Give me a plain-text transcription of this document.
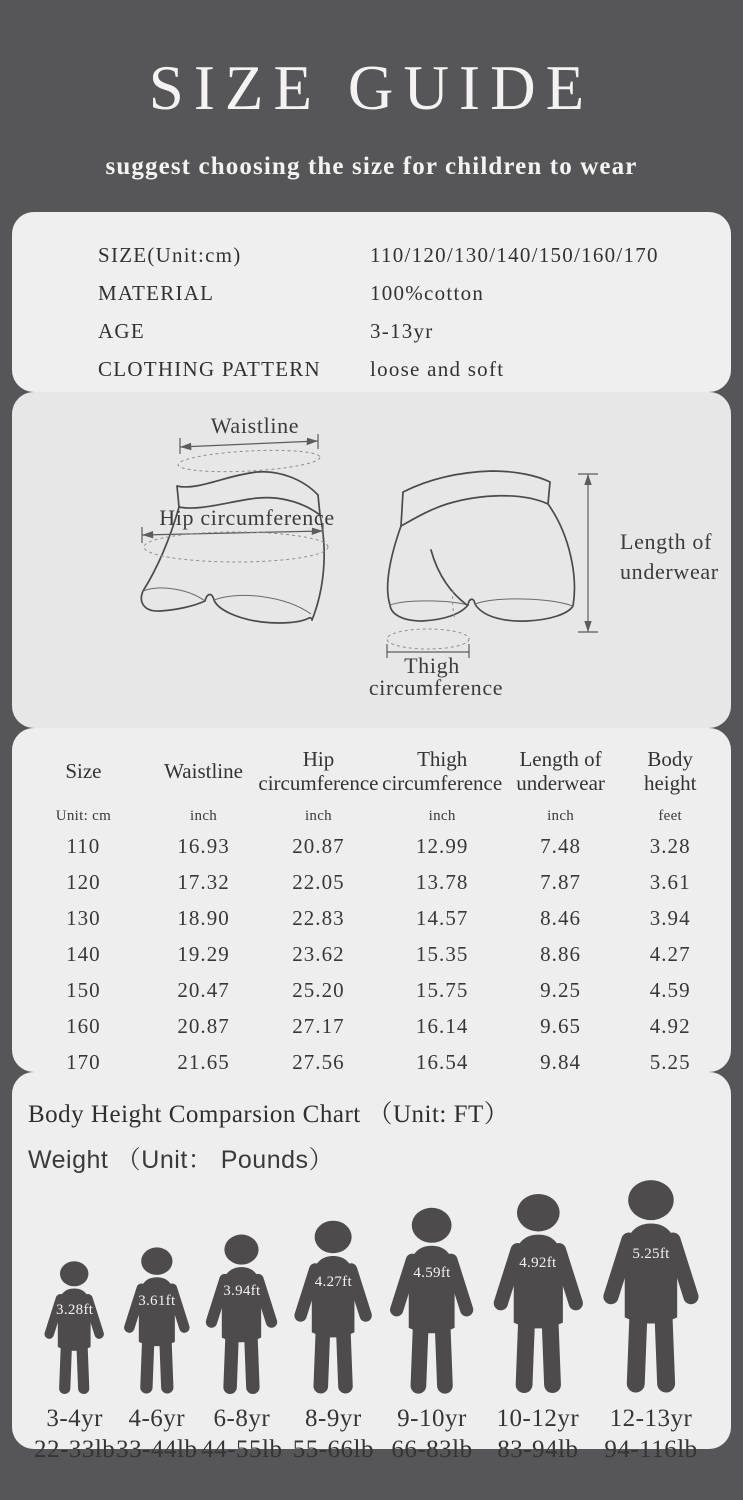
SIZE GUIDE
suggest choosing the size for children to wear
SIZE(Unit:cm)	110/120/130/140/150/160/170
MATERIAL	100%cotton
AGE	3-13yr
CLOTHING PATTERN	loose and soft
Waistline
Hip circumference
Length of
underwear
Thigh
circumference
Size	Waistline	Hip circumference	Thigh circumference	Length of underwear	Body height

Unit: cm	inch	inch	inch	inch	feet
110	16.93	20.87	12.99	7.48	3.28
120	17.32	22.05	13.78	7.87	3.61
130	18.90	22.83	14.57	8.46	3.94
140	19.29	23.62	15.35	8.86	4.27
150	20.47	25.20	15.75	9.25	4.59
160	20.87	27.17	16.14	9.65	4.92
170	21.65	27.56	16.54	9.84	5.25
Body Height Comparsion Chart （Unit: FT）
Weight （Unit： Pounds）
3.28ft
3-4yr
22-33lb
3.61ft
4-6yr
33-44lb
3.94ft
6-8yr
44-55lb
4.27ft
8-9yr
55-66lb
4.59ft
9-10yr
66-83lb
4.92ft
10-12yr
83-94lb
5.25ft
12-13yr
94-116lb
